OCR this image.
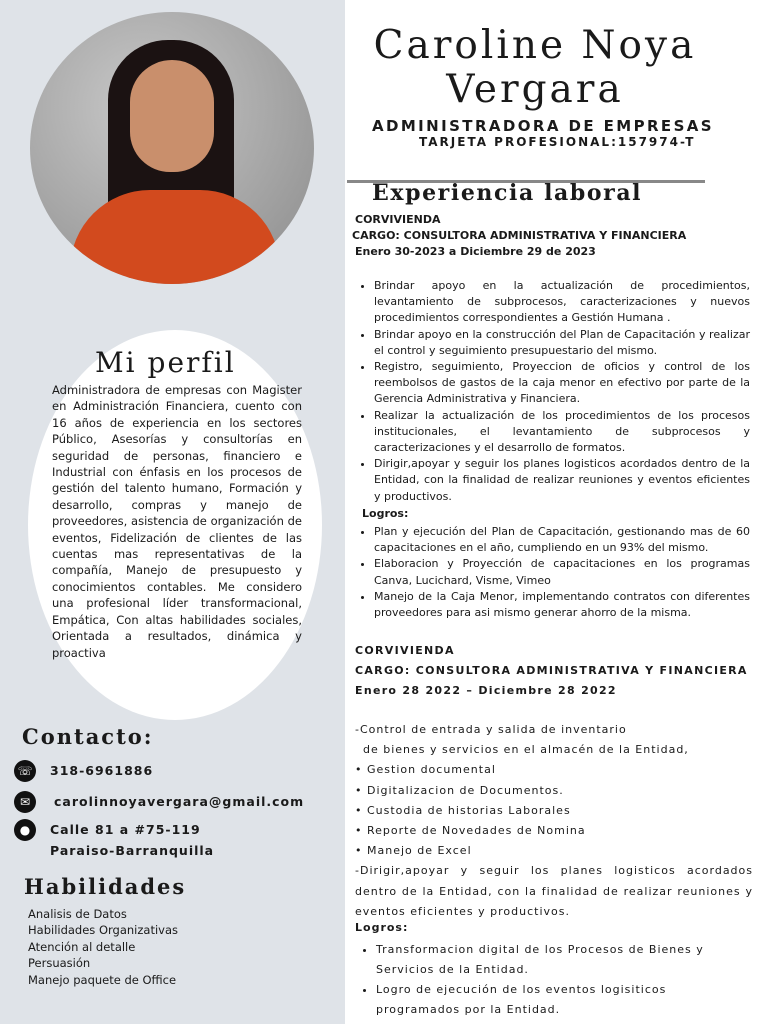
Mi perfil
Administradora de empresas con Magister en Administración Financiera, cuento con 16 años de experiencia en los sectores Público, Asesorías y consultorías en seguridad de personas, financiero e Industrial con énfasis en los procesos de gestión del talento humano, Formación y desarrollo, compras y manejo de proveedores, asistencia de organización de eventos, Fidelización de clientes de las cuentas mas representativas de la compañía, Manejo de presupuesto y conocimientos contables. Me considero una profesional líder transformacional, Empática, Con altas habilidades sociales, Orientada a resultados, dinámica y proactiva
Contacto:
☏ 318-6961886
✉	carolinnoyavergara@gmail.com
●	Calle 81 a #75-119
Paraiso-Barranquilla
Habilidades
Analisis de Datos
Habilidades Organizativas
Atención al detalle
Persuasión
Manejo paquete de Office
Caroline Noya Vergara
ADMINISTRADORA DE EMPRESAS
TARJETA PROFESIONAL:157974-T
Experiencia laboral
CORVIVIENDA
CARGO: CONSULTORA ADMINISTRATIVA Y FINANCIERA
Enero 30-2023 a Diciembre 29 de 2023
• Brindar apoyo en la actualización de procedimientos, levantamiento de subprocesos, caracterizaciones y nuevos procedimientos correspondientes a Gestión Humana .
• Brindar apoyo en la construcción del Plan de Capacitación y realizar el control y seguimiento presupuestario del mismo.
• Registro, seguimiento, Proyeccion de oficios y control de los reembolsos de gastos de la caja menor en efectivo por parte de la Gerencia Administrativa y Financiera.
• Realizar la actualización de los procedimientos de los procesos institucionales, el levantamiento de subprocesos y caracterizaciones y el desarrollo de formatos.
• Dirigir,apoyar y seguir los planes logisticos acordados dentro de la Entidad, con la finalidad de realizar reuniones y eventos eficientes y productivos.
Logros:
• Plan y ejecución del Plan de Capacitación, gestionando mas de 60 capacitaciones en el año, cumpliendo en un 93% del mismo.
• Elaboracion y Proyección de capacitaciones en los programas Canva, Lucichard, Visme, Vimeo
• Manejo de la Caja Menor, implementando contratos con diferentes proveedores para asi mismo generar ahorro de la misma.
CORVIVIENDA
CARGO: CONSULTORA ADMINISTRATIVA Y FINANCIERA
Enero 28 2022 – Diciembre 28 2022
-Control de entrada y salida de inventario
de bienes y servicios en el almacén de la Entidad,
• Gestion documental
• Digitalizacion de Documentos.
• Custodia de historias Laborales
• Reporte de Novedades de Nomina
• Manejo de Excel
-Dirigir,apoyar y seguir los planes logisticos acordados dentro de la Entidad, con la finalidad de realizar reuniones y eventos eficientes y productivos.
Logros:
• Transformacion digital de los Procesos de Bienes y Servicios de la Entidad.
• Logro de ejecución de los eventos logisiticos programados por la Entidad.
